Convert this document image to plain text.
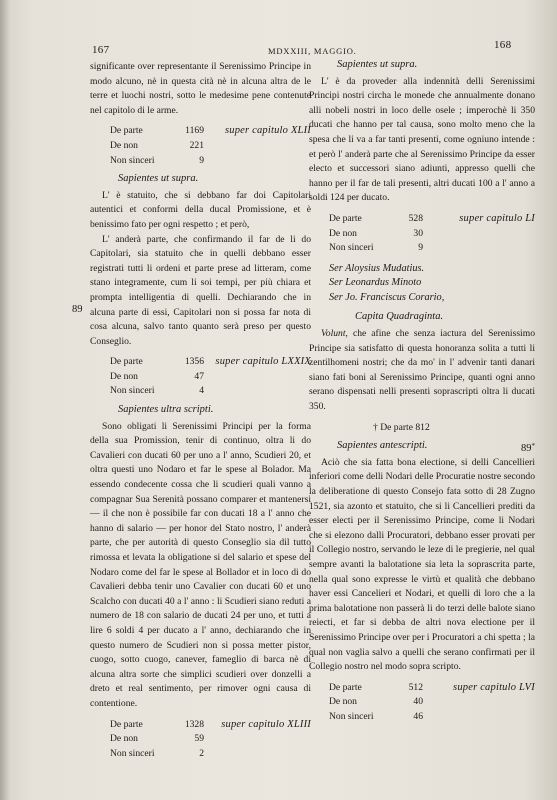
167	MDXXIII, MAGGIO.	168
89
89*

significante over representante il Serenissimo Principe in modo alcuno, nè in questa cità nè in alcuna altra de le terre et luochi nostri, sotto le medesime pene contenute nel capitolo di le arme.

De parte	1169 super capitulo XLII
De non	221
Non sinceri	9
Sapientes ut supra.

L' è statuito, che si debbano far doi Capitolari autentici et conformi della ducal Promissione, et è benissimo fato per ogni respetto ; et però,

L' anderà parte, che confirmando il far de li do Capitolari, sia statuito che in quelli debbano esser registrati tutti li ordeni et parte prese ad litteram, come stano integramente, cum li soi tempi, per più chiara et prompta intelligentia di quelli. Dechiarando che in alcuna parte di essi, Capitolari non si possa far nota di cosa alcuna, salvo tanto quanto serà preso per questo Conseglio.

De parte	1356 super capitulo LXXIX
De non	47
Non sinceri	4
Sapientes ultra scripti.

Sono obligati li Serenissimi Principi per la forma della sua Promission, tenir di continuo, oltra li do Cavalieri con ducati 60 per uno a l' anno, Scudieri 20, et oltra questi uno Nodaro et far le spese al Bolador. Ma essendo condecente cossa che li scudieri quali vanno a compagnar Sua Serenità possano comparer et mantenersi — il che non è possibile far con ducati 18 a l' anno che hanno di salario — per honor del Stato nostro, l' anderà parte, che per autorità di questo Conseglio sia dil tutto rimossa et levata la obligatione si del salario et spese del Nodaro come del far le spese al Bollador et in loco di do Cavalieri debba tenir uno Cavalier con ducati 60 et uno Scalcho con ducati 40 a l' anno : li Scudieri siano reduti a numero de 18 con salario de ducati 24 per uno, et tutti a lire 6 soldi 4 per ducato a l' anno, dechiarando che in questo numero de Scudieri non si possa metter pistor, cuogo, sotto cuogo, canever, fameglio di barca nè di alcuna altra sorte che simplici scudieri over donzelli a dreto et real sentimento, per rimover ogni causa di contentione.

De parte	1328 super capitulo XLIII
De non	59
Non sinceri	2
Sapientes ut supra.

L' è da proveder alla indennità delli Serenissimi Principi nostri circha le monede che annualmente donano alli nobeli nostri in loco delle osele ; imperochè li 350 ducati che hanno per tal causa, sono molto meno che la spesa che li va a far tanti presenti, come ogniuno intende : et però l' anderà parte che al Serenissimo Principe da esser electo et successori siano adiunti, appresso quelli che hanno per il far de tali presenti, altri ducati 100 a l' anno a soldi 124 per ducato.

De parte	528	super capitulo LI
De non	30
Non sinceri	9
Ser Aloysius Mudatius.
Ser Leonardus Minoto
Ser Jo. Franciscus Corario,
Capita Quadraginta.

Volunt, che afine che senza iactura del Serenissimo Principe sia satisfatto di questa honoranza solita a tutti li zentilhomeni nostri; che da mo' in l' advenir tanti danari siano fati boni al Serenissimo Principe, quanti ogni anno serano dispensati nelli presenti soprascripti oltra li ducati 350.

† De parte 812
Sapientes antescripti.

Aciò che sia fatta bona electione, si delli Cancellieri inferiori come delli Nodari delle Procuratie nostre secondo la deliberatione di questo Consejo fata sotto di 28 Zugno 1521, sia azonto et statuito, che si li Cancellieri prediti da esser electi per il Serenissimo Principe, come li Nodari che si elezono dalli Procuratori, debbano esser provati per il Collegio nostro, servando le leze di le pregierie, nel qual sempre avanti la balotatione sia leta la soprascrita parte, nella qual sono expresse le virtù et qualità che debbano haver essi Cancelieri et Nodari, et quelli di loro che a la prima balotatione non passerà li do terzi delle balote siano reiecti, et far si debba de altri nova electione per il Serenissimo Principe over per i Procuratori a chi spetta ; la qual non vaglia salvo a quelli che serano confirmati per il Collegio nostro nel modo sopra scripto.

De parte	512	super capitulo LVI
De non	40
Non sinceri	46
